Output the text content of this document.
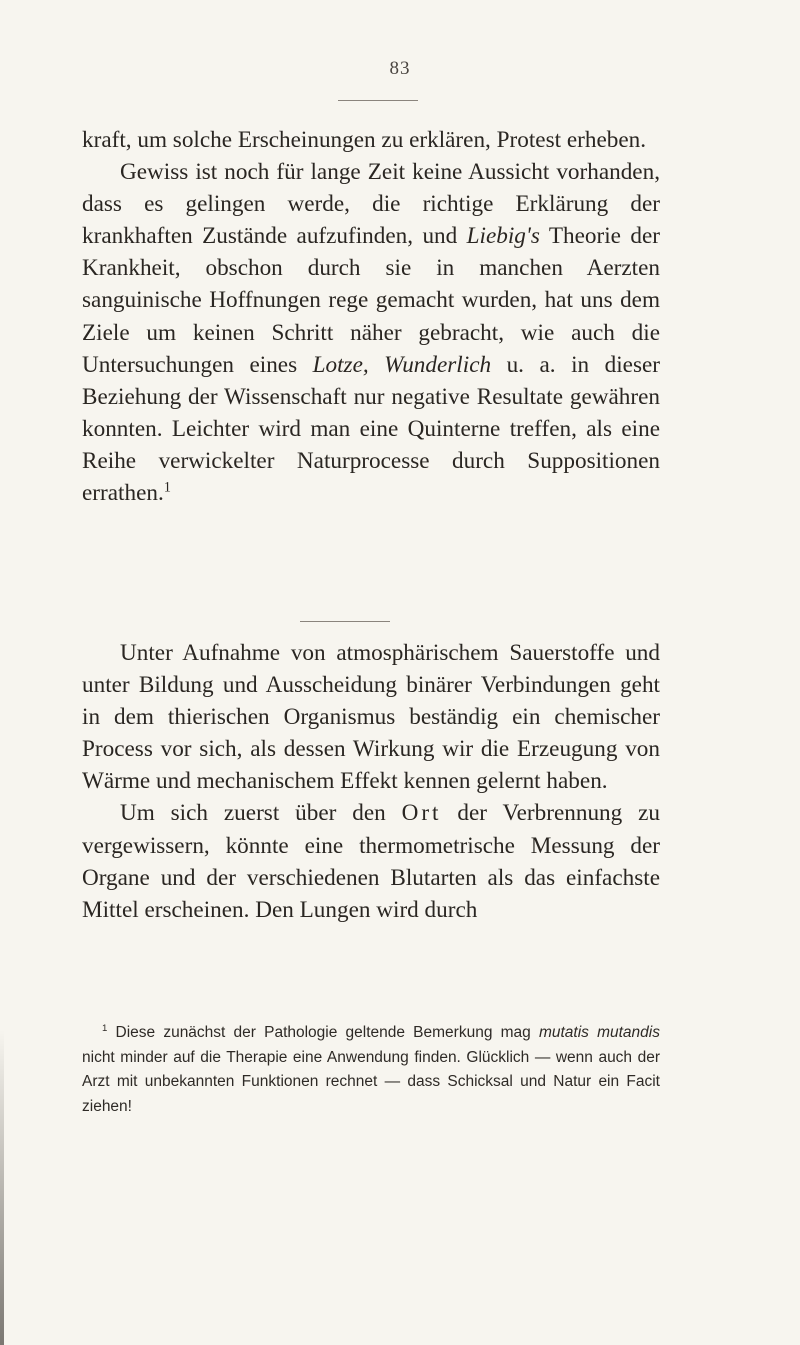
83

kraft, um solche Erscheinungen zu erklären, Protest erheben.

Gewiss ist noch für lange Zeit keine Aussicht vorhanden, dass es gelingen werde, die richtige Erklärung der krankhaften Zustände aufzufinden, und Liebig's Theorie der Krankheit, obschon durch sie in manchen Aerzten sanguinische Hoffnungen rege gemacht wurden, hat uns dem Ziele um keinen Schritt näher gebracht, wie auch die Untersuchungen eines Lotze, Wunderlich u. a. in dieser Beziehung der Wissenschaft nur negative Resultate gewähren konnten. Leichter wird man eine Quinterne treffen, als eine Reihe verwickelter Naturprocesse durch Suppositionen errathen.$^1$

Unter Aufnahme von atmosphärischem Sauerstoffe und unter Bildung und Ausscheidung binärer Verbindungen geht in dem thierischen Organismus beständig ein chemischer Process vor sich, als dessen Wirkung wir die Erzeugung von Wärme und mechanischem Effekt kennen gelernt haben.

Um sich zuerst über den Ort der Verbrennung zu vergewissern, könnte eine thermometrische Messung der Organe und der verschiedenen Blutarten als das einfachste Mittel erscheinen. Den Lungen wird durch

$^1$ Diese zunächst der Pathologie geltende Bemerkung mag mutatis mutandis nicht minder auf die Therapie eine Anwendung finden. Glücklich — wenn auch der Arzt mit unbekannten Funktionen rechnet — dass Schicksal und Natur ein Facit ziehen!
